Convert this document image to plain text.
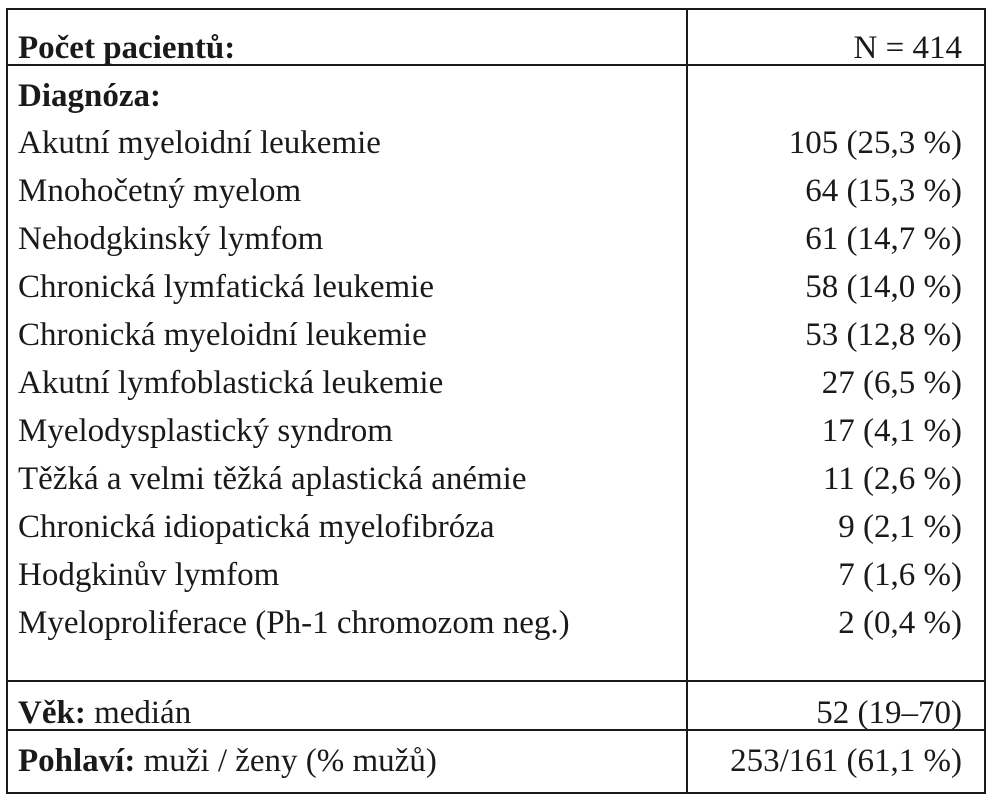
Počet pacientů:	N = 414
Diagnóza:
Akutní myeloidní leukemie	105 (25,3 %)
Mnohočetný myelom	64 (15,3 %)
Nehodgkinský lymfom	61 (14,7 %)
Chronická lymfatická leukemie	58 (14,0 %)
Chronická myeloidní leukemie	53 (12,8 %)
Akutní lymfoblastická leukemie	27 (6,5 %)
Myelodysplastický syndrom	17 (4,1 %)
Těžká a velmi těžká aplastická anémie	11 (2,6 %)
Chronická idiopatická myelofibróza	9 (2,1 %)
Hodgkinův lymfom	7 (1,6 %)
Myeloproliferace (Ph-1 chromozom neg.)	2 (0,4 %)
Věk: medián	52 (19–70)
Pohlaví: muži / ženy (% mužů)	253/161 (61,1 %)
